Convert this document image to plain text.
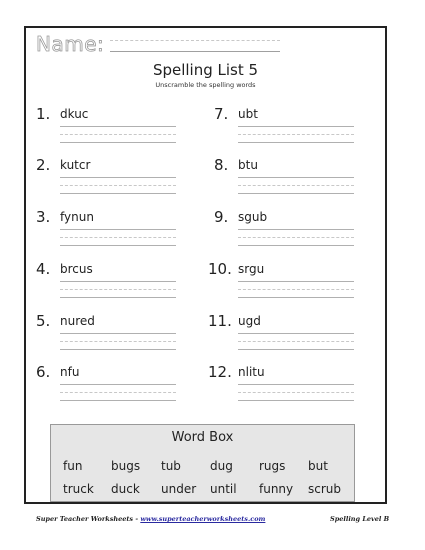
Name:
Spelling List 5
Unscramble the spelling words
1. dkuc
2. kutcr
3. fynun
4. brcus
5. nured
6. nfu
7. ubt
8. btu
9. sgub
10. srgu
11. ugd
12. nlitu
Word Box
fun bugs tub dug rugs but
truck duck under until funny scrub
Super Teacher Worksheets - www.superteacherworksheets.com	Spelling Level B
